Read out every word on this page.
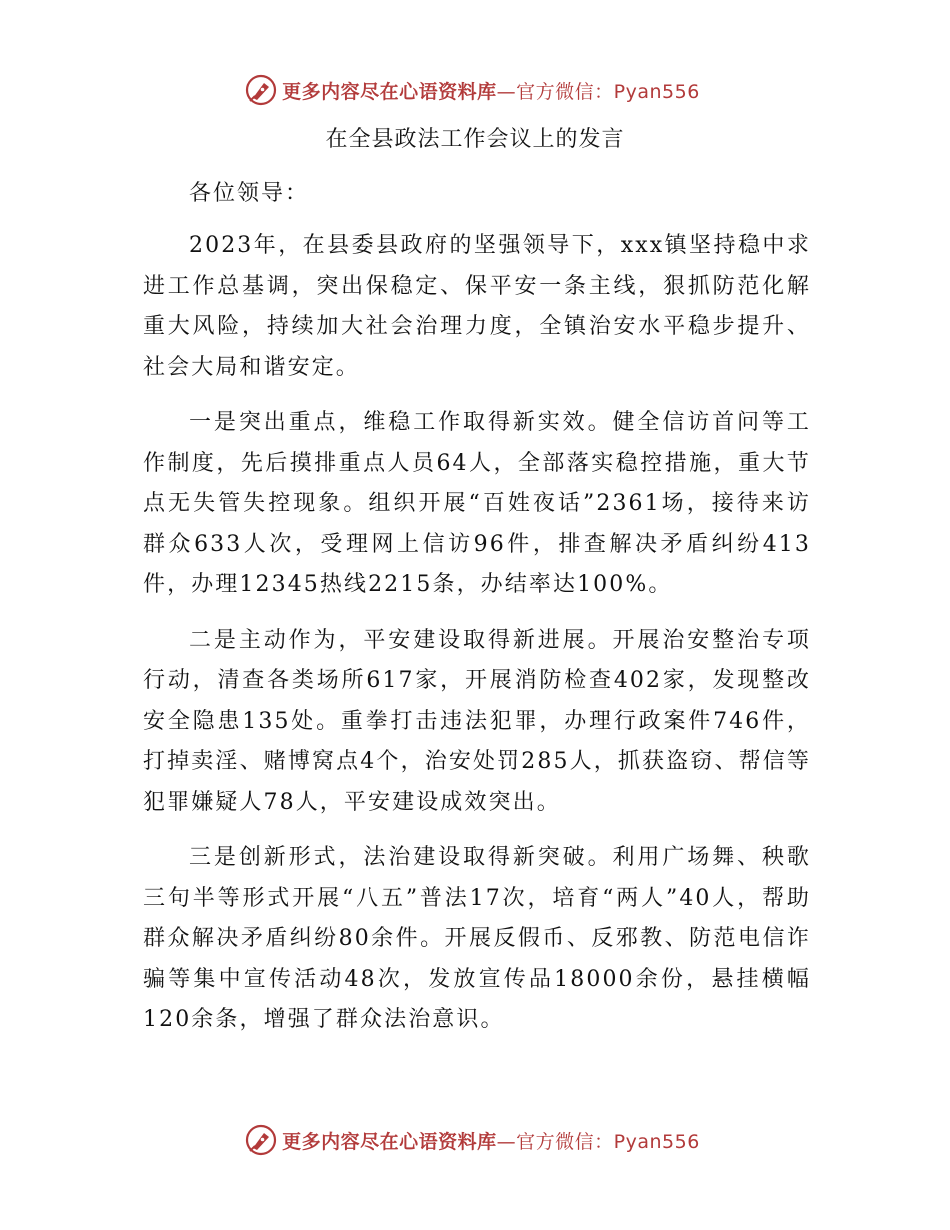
更多内容尽在心语资料库—官方微信：Pyan556
在全县政法工作会议上的发言
各位领导：

2023年，在县委县政府的坚强领导下，xxx镇坚持稳中求进工作总基调，突出保稳定、保平安一条主线，狠抓防范化解重大风险，持续加大社会治理力度，全镇治安水平稳步提升、社会大局和谐安定。

一是突出重点，维稳工作取得新实效。健全信访首问等工作制度，先后摸排重点人员64人，全部落实稳控措施，重大节点无失管失控现象。组织开展“百姓夜话”2361场，接待来访群众633人次，受理网上信访96件，排查解决矛盾纠纷413件，办理12345热线2215条，办结率达100%。

二是主动作为，平安建设取得新进展。开展治安整治专项行动，清查各类场所617家，开展消防检查402家，发现整改安全隐患135处。重拳打击违法犯罪，办理行政案件746件，打掉卖淫、赌博窝点4个，治安处罚285人，抓获盗窃、帮信等犯罪嫌疑人78人，平安建设成效突出。

三是创新形式，法治建设取得新突破。利用广场舞、秧歌三句半等形式开展“八五”普法17次，培育“两人”40人，帮助群众解决矛盾纠纷80余件。开展反假币、反邪教、防范电信诈骗等集中宣传活动48次，发放宣传品18000余份，悬挂横幅120余条，增强了群众法治意识。

更多内容尽在心语资料库—官方微信：Pyan556
